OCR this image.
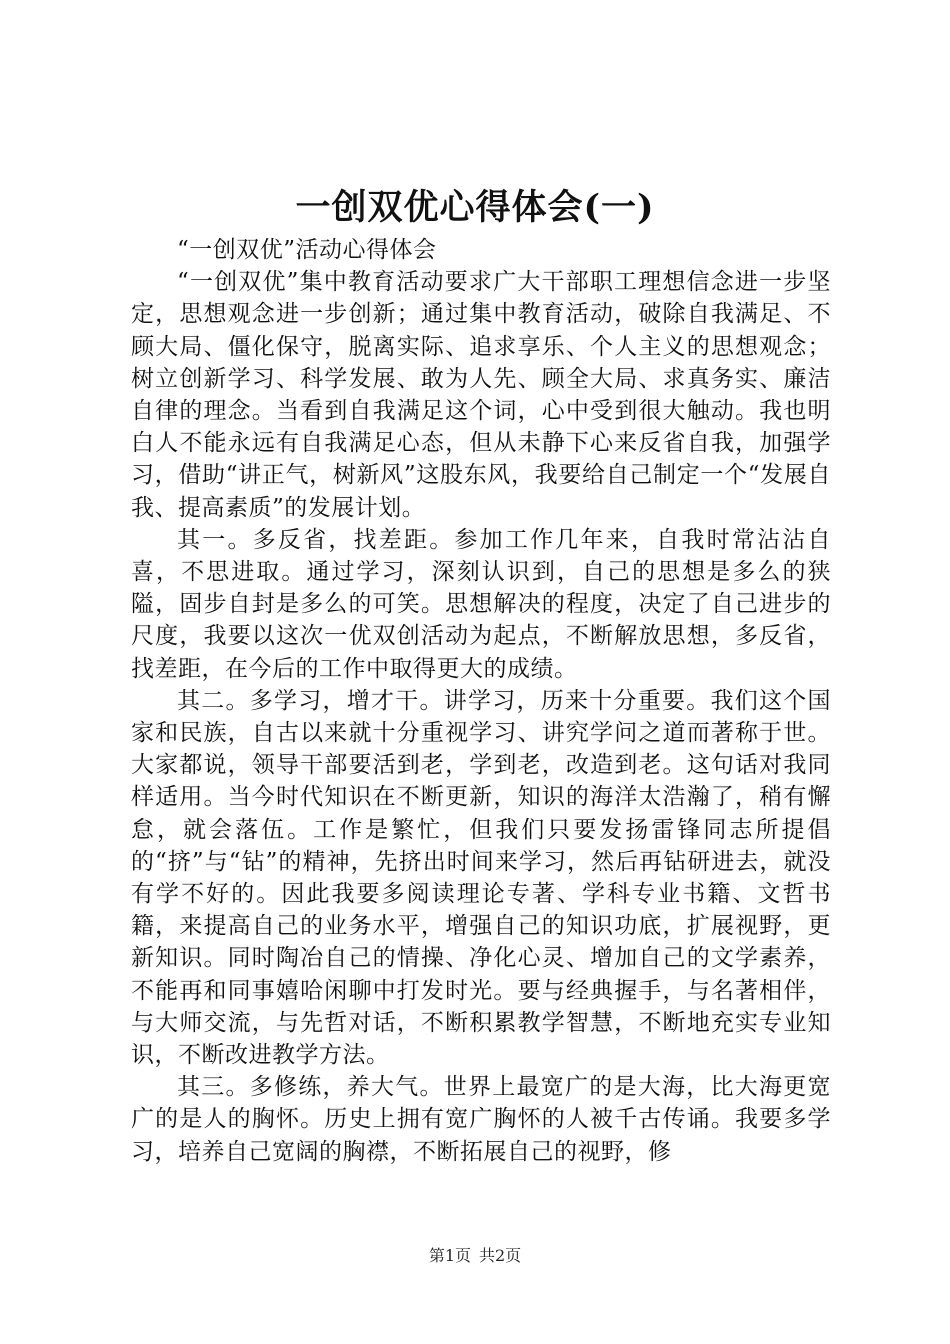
一创双优心得体会(一)

“一创双优”活动心得体会

“一创双优”集中教育活动要求广大干部职工理想信念进一步坚定，思想观念进一步创新；通过集中教育活动，破除自我满足、不顾大局、僵化保守，脱离实际、追求享乐、个人主义的思想观念；树立创新学习、科学发展、敢为人先、顾全大局、求真务实、廉洁自律的理念。当看到自我满足这个词，心中受到很大触动。我也明白人不能永远有自我满足心态，但从未静下心来反省自我，加强学习，借助“讲正气，树新风”这股东风，我要给自己制定一个“发展自我、提高素质”的发展计划。

其一。多反省，找差距。参加工作几年来，自我时常沾沾自喜，不思进取。通过学习，深刻认识到，自己的思想是多么的狭隘，固步自封是多么的可笑。思想解决的程度，决定了自己进步的尺度，我要以这次一优双创活动为起点，不断解放思想，多反省，找差距，在今后的工作中取得更大的成绩。

其二。多学习，增才干。讲学习，历来十分重要。我们这个国家和民族，自古以来就十分重视学习、讲究学问之道而著称于世。大家都说，领导干部要活到老，学到老，改造到老。这句话对我同样适用。当今时代知识在不断更新，知识的海洋太浩瀚了，稍有懈怠，就会落伍。工作是繁忙，但我们只要发扬雷锋同志所提倡的“挤”与“钻”的精神，先挤出时间来学习，然后再钻研进去，就没有学不好的。因此我要多阅读理论专著、学科专业书籍、文哲书籍，来提高自己的业务水平，增强自己的知识功底，扩展视野，更新知识。同时陶冶自己的情操、净化心灵、增加自己的文学素养，不能再和同事嬉哈闲聊中打发时光。要与经典握手，与名著相伴，与大师交流，与先哲对话，不断积累教学智慧，不断地充实专业知识，不断改进教学方法。

其三。多修练，养大气。世界上最宽广的是大海，比大海更宽广的是人的胸怀。历史上拥有宽广胸怀的人被千古传诵。我要多学习，培养自己宽阔的胸襟，不断拓展自己的视野，修

第1页 共2页
